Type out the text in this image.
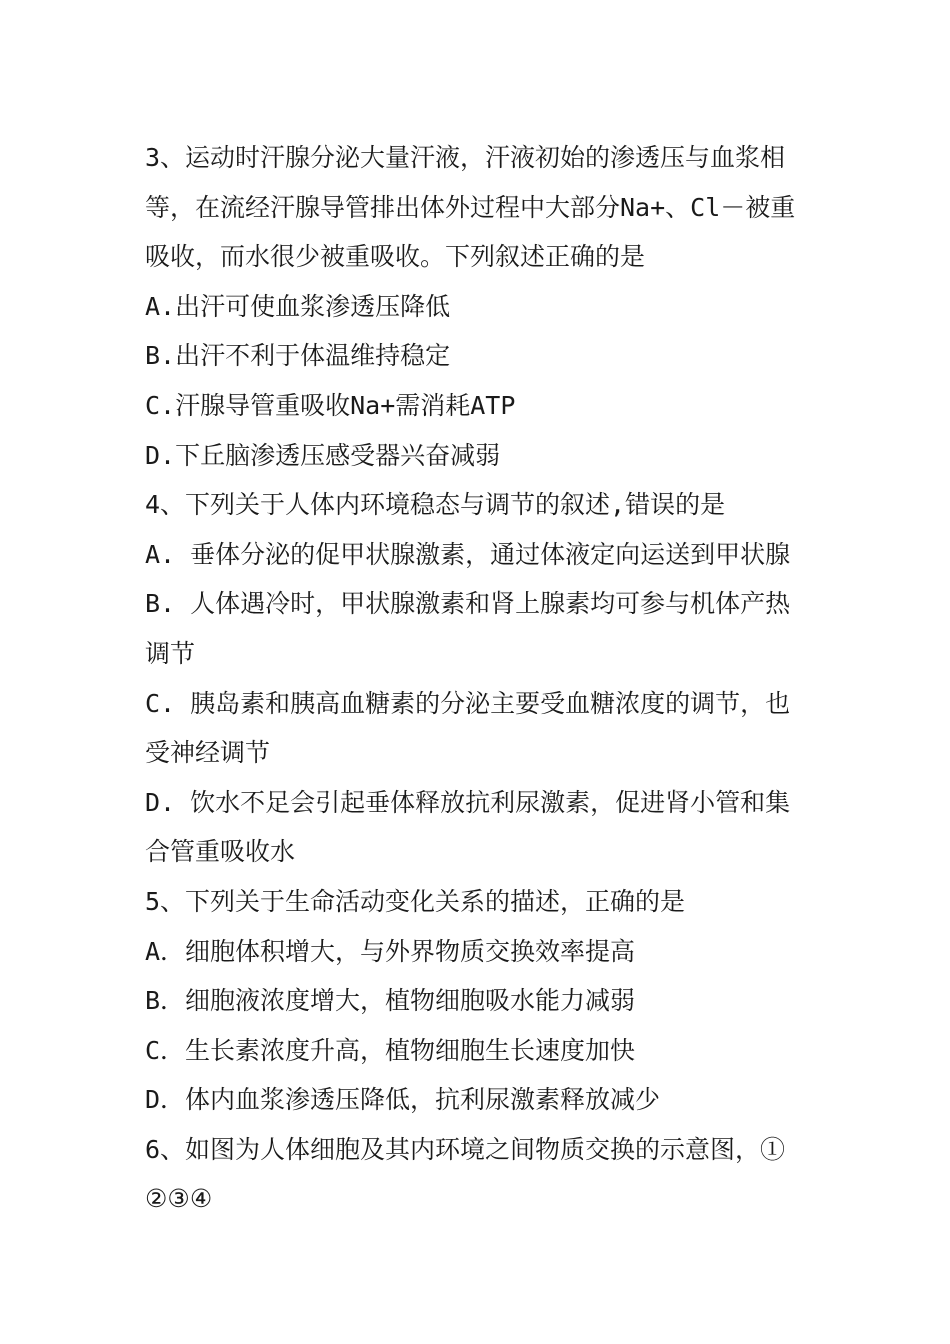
3、运动时汗腺分泌大量汗液，汗液初始的渗透压与血浆相
等，在流经汗腺导管排出体外过程中大部分Na+、Cl－被重
吸收，而水很少被重吸收。下列叙述正确的是
A.出汗可使血浆渗透压降低
B.出汗不利于体温维持稳定
C.汗腺导管重吸收Na+需消耗ATP
D.下丘脑渗透压感受器兴奋减弱
4、下列关于人体内环境稳态与调节的叙述,错误的是
A. 垂体分泌的促甲状腺激素，通过体液定向运送到甲状腺
B. 人体遇冷时，甲状腺激素和肾上腺素均可参与机体产热
调节
C. 胰岛素和胰高血糖素的分泌主要受血糖浓度的调节，也
受神经调节
D. 饮水不足会引起垂体释放抗利尿激素，促进肾小管和集
合管重吸收水
5、下列关于生命活动变化关系的描述，正确的是
A．细胞体积增大，与外界物质交换效率提高
B．细胞液浓度增大，植物细胞吸水能力减弱
C．生长素浓度升高，植物细胞生长速度加快
D．体内血浆渗透压降低，抗利尿激素释放减少
6、如图为人体细胞及其内环境之间物质交换的示意图，①
②③④
